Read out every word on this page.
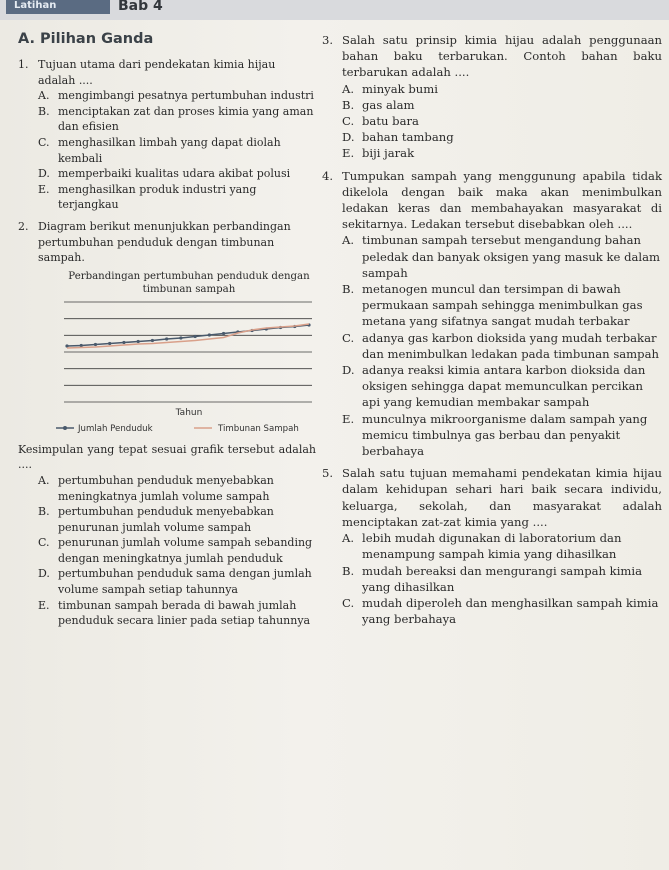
Latihan	Bab 4
A. Pilihan Ganda
1. Tujuan utama dari pendekatan kimia hijau adalah ....
A. mengimbangi pesatnya pertumbuhan industri
B. menciptakan zat dan proses kimia yang aman dan efisien
C. menghasilkan limbah yang dapat diolah kembali
D. memperbaiki kualitas udara akibat polusi
E. menghasilkan produk industri yang terjangkau
2. Diagram berikut menunjukkan perbandingan pertumbuhan penduduk dengan timbunan sampah.
Perbandingan pertumbuhan penduduk dengan timbunan sampah
Tahun
Jumlah Penduduk	Timbunan Sampah
Kesimpulan yang tepat sesuai grafik tersebut adalah ....
A. pertumbuhan penduduk menyebabkan meningkatnya jumlah volume sampah
B. pertumbuhan penduduk menyebabkan penurunan jumlah volume sampah
C. penurunan jumlah volume sampah sebanding dengan meningkatnya jumlah penduduk
D. pertumbuhan penduduk sama dengan jumlah volume sampah setiap tahunnya
E. timbunan sampah berada di bawah jumlah penduduk secara linier pada setiap tahunnya
3. Salah satu prinsip kimia hijau adalah penggunaan bahan baku terbarukan. Contoh bahan baku terbarukan adalah ....
A. minyak bumi
B. gas alam
C. batu bara
D. bahan tambang
E. biji jarak
4. Tumpukan sampah yang menggunung apabila tidak dikelola dengan baik maka akan menimbulkan ledakan keras dan membahayakan masyarakat di sekitarnya. Ledakan tersebut disebabkan oleh ....
A. timbunan sampah tersebut mengandung bahan peledak dan banyak oksigen yang masuk ke dalam sampah
B. metanogen muncul dan tersimpan di bawah permukaan sampah sehingga menimbulkan gas metana yang sifatnya sangat mudah terbakar
C. adanya gas karbon dioksida yang mudah terbakar dan menimbulkan ledakan pada timbunan sampah
D. adanya reaksi kimia antara karbon dioksida dan oksigen sehingga dapat memunculkan percikan api yang kemudian membakar sampah
E. munculnya mikroorganisme dalam sampah yang memicu timbulnya gas berbau dan penyakit berbahaya
5. Salah satu tujuan memahami pendekatan kimia hijau dalam kehidupan sehari hari baik secara individu, keluarga, sekolah, dan masyarakat adalah menciptakan zat-zat kimia yang ....
A. lebih mudah digunakan di laboratorium dan menampung sampah kimia yang dihasilkan
B. mudah bereaksi dan mengurangi sampah kimia yang dihasilkan
C. mudah diperoleh dan menghasilkan sampah kimia yang berbahaya
